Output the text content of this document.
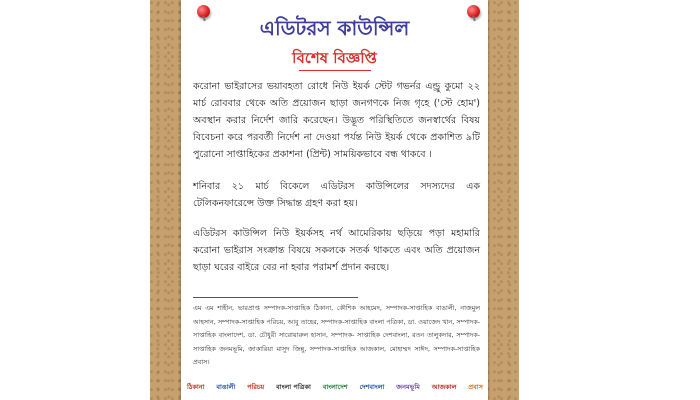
এডিটরস কাউন্সিল
বিশেষ বিজ্ঞপ্তি
করোনা ভাইরাসের ভয়াবহতা রোধে নিউ ইয়র্ক স্টেট গভর্নর এন্ড্রু কুমো ২২ মার্চ রোববার থেকে অতি প্রয়োজন ছাড়া জনগণকে নিজ গৃহে ('স্টে হোম') অবস্থান করার নির্দেশ জারি করেছেন। উদ্ভূত পরিস্থিতিতে জনস্বার্থের বিষয় বিবেচনা করে পরবর্তী নির্দেশ না দেওয়া পর্যন্ত নিউ ইয়র্ক থেকে প্রকাশিত ৯টি পুরোনো সাপ্তাহিকের প্রকাশনা (প্রিন্ট) সাময়িকভাবে বন্ধ থাকবে ।
শনিবার ২১ মার্চ বিকেলে এডিটরস কাউন্সিলের সদস্যদের এক টেলিকনফারেন্সে উক্ত সিদ্ধান্ত গ্রহণ করা হয়।
এডিটরস কাউন্সিল নিউ ইয়র্কসহ নর্থ আমেরিকায় ছড়িয়ে পড়া মহামারি করোনা ভাইরাস সংক্রান্ত বিষয়ে সকলকে সতর্ক থাকতে এবং অতি প্রয়োজন ছাড়া ঘরের বাইরে বের না হবার পরামর্শ প্রদান করছে।
এম এম শাহীন, ভারপ্রাপ্ত সম্পাদক-সাপ্তাহিক ঠিকানা, কৌশিক আহমেদ, সম্পাদক-সাপ্তাহিক বাঙালী, নাজমুল আহসান, সম্পাদক-সাপ্তাহিক পরিচয়, আবু তাহের, সম্পাদক-সাপ্তাহিক বাংলা পত্রিকা, ডা. ওয়াজেদ খান, সম্পাদক-সাপ্তাহিক বাংলাদেশ, ডা. চৌধুরী সারোয়ারুল হাসান, সম্পাদক- সাপ্তাহিক দেশবাংলা, রতন তালুকদার, সম্পাদক-সাপ্তাহিক জনমভূমি, জাকারিয়া মাসুদ জিন্নু, সম্পাদক-সাপ্তাহিক আজকাল, মোহাম্মদ সাঈদ, সম্পাদক-সাপ্তাহিক প্রবাস।
ঠিকানা	বাঙালী	পরিচয়	বাংলা পত্রিকা	বাংলাদেশ	দেশবাংলা	জনমভূমি	আজকাল	প্রবাস
